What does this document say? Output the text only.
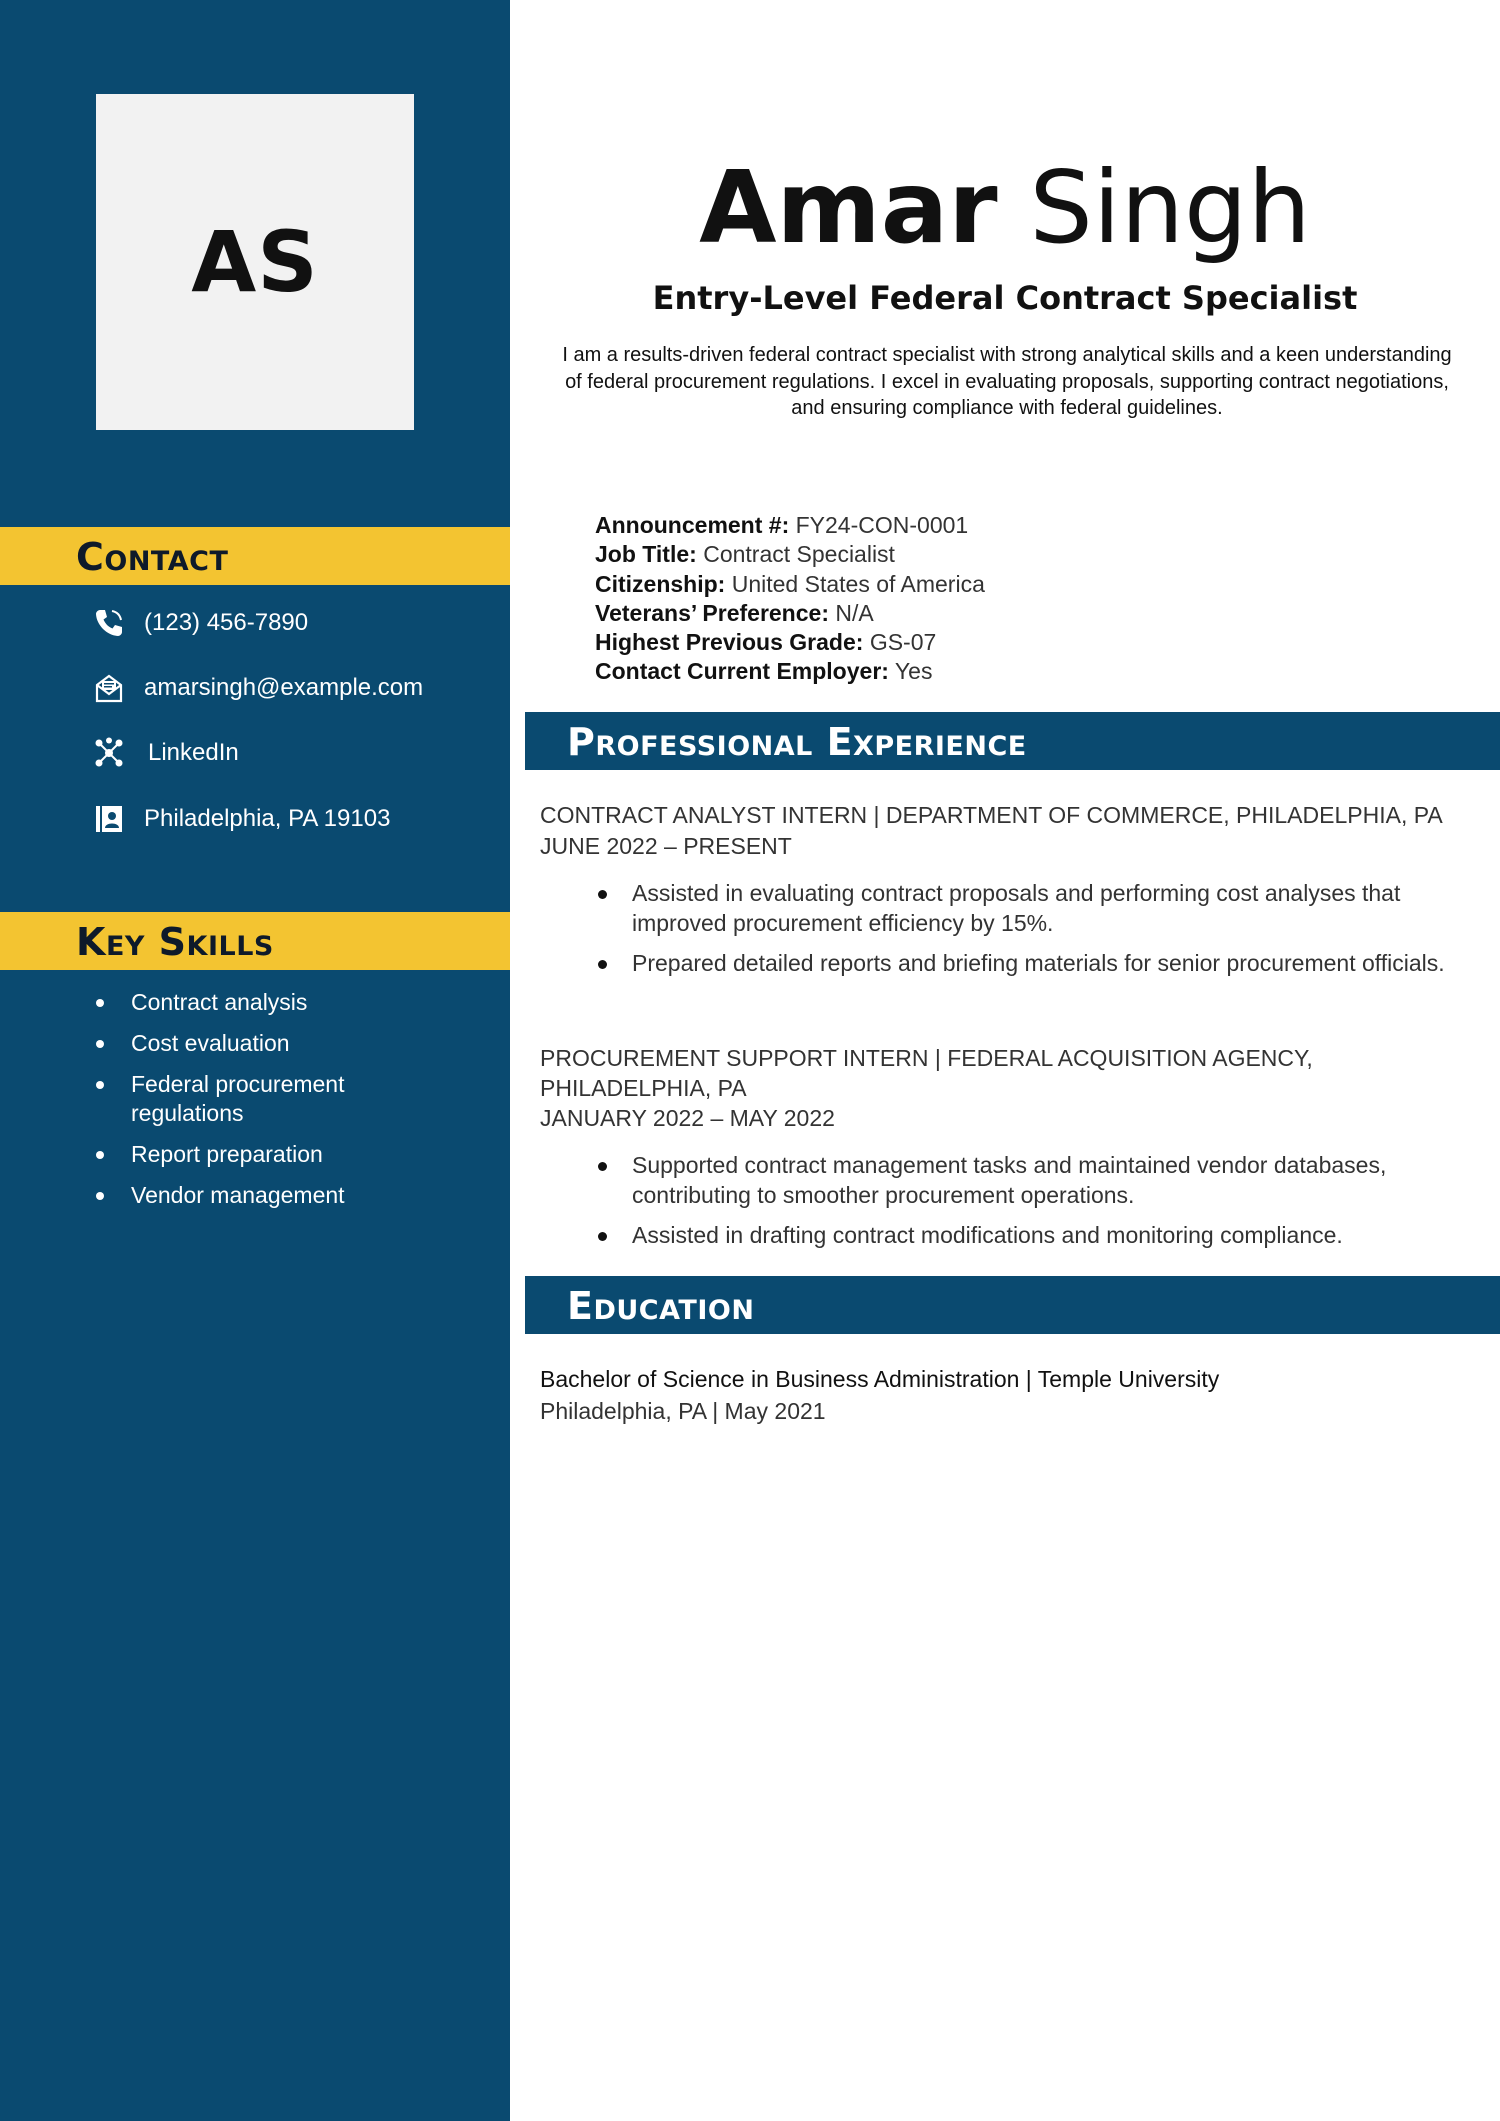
AS
Contact
(123) 456-7890
amarsingh@example.com
LinkedIn
Philadelphia, PA 19103
Key Skills
Contract analysis
Cost evaluation
Federal procurement regulations
Report preparation
Vendor management
Amar Singh
Entry-Level Federal Contract Specialist
I am a results-driven federal contract specialist with strong analytical skills and a keen understanding of federal procurement regulations. I excel in evaluating proposals, supporting contract negotiations, and ensuring compliance with federal guidelines.
Announcement #: FY24-CON-0001
Job Title: Contract Specialist
Citizenship: United States of America
Veterans’ Preference: N/A
Highest Previous Grade: GS-07
Contact Current Employer: Yes
Professional Experience
CONTRACT ANALYST INTERN | DEPARTMENT OF COMMERCE, PHILADELPHIA, PA
JUNE 2022 – PRESENT
Assisted in evaluating contract proposals and performing cost analyses that improved procurement efficiency by 15%.
Prepared detailed reports and briefing materials for senior procurement officials.
PROCUREMENT SUPPORT INTERN | FEDERAL ACQUISITION AGENCY, PHILADELPHIA, PA
JANUARY 2022 – MAY 2022
Supported contract management tasks and maintained vendor databases, contributing to smoother procurement operations.
Assisted in drafting contract modifications and monitoring compliance.
Education
Bachelor of Science in Business Administration | Temple University
Philadelphia, PA | May 2021
